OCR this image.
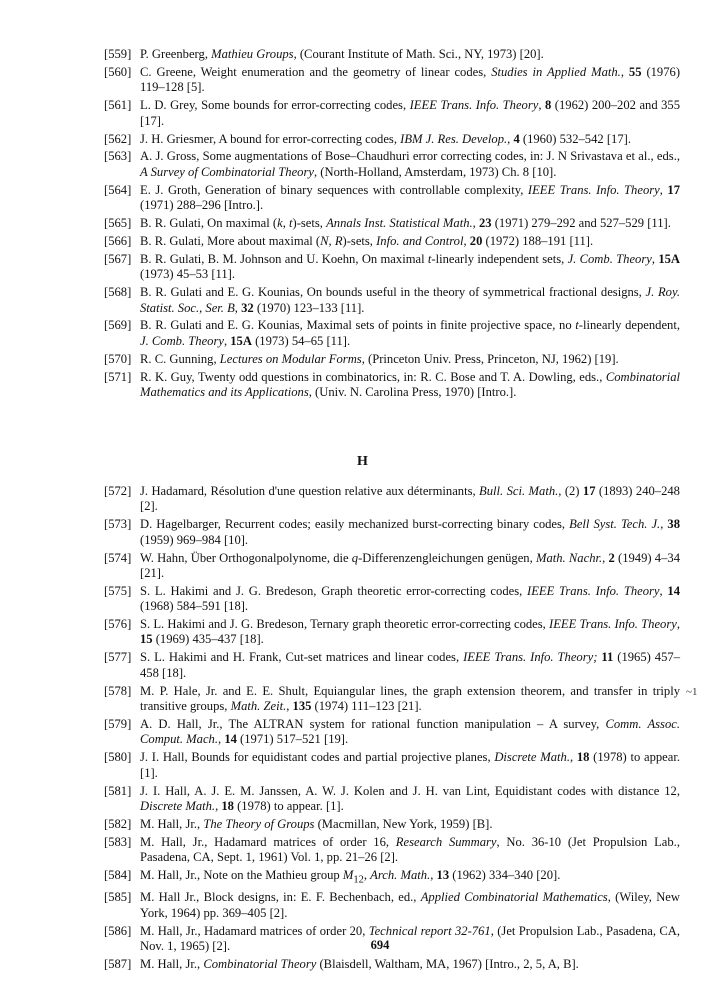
[559] P. Greenberg, Mathieu Groups, (Courant Institute of Math. Sci., NY, 1973) [20].
[560] C. Greene, Weight enumeration and the geometry of linear codes, Studies in Applied Math., 55 (1976) 119–128 [5].
[561] L. D. Grey, Some bounds for error-correcting codes, IEEE Trans. Info. Theory, 8 (1962) 200–202 and 355 [17].
[562] J. H. Griesmer, A bound for error-correcting codes, IBM J. Res. Develop., 4 (1960) 532–542 [17].
[563] A. J. Gross, Some augmentations of Bose–Chaudhuri error correcting codes, in: J. N Srivastava et al., eds., A Survey of Combinatorial Theory, (North-Holland, Amsterdam, 1973) Ch. 8 [10].
[564] E. J. Groth, Generation of binary sequences with controllable complexity, IEEE Trans. Info. Theory, 17 (1971) 288–296 [Intro.].
[565] B. R. Gulati, On maximal (k, t)-sets, Annals Inst. Statistical Math., 23 (1971) 279–292 and 527–529 [11].
[566] B. R. Gulati, More about maximal (N, R)-sets, Info. and Control, 20 (1972) 188–191 [11].
[567] B. R. Gulati, B. M. Johnson and U. Koehn, On maximal t-linearly independent sets, J. Comb. Theory, 15A (1973) 45–53 [11].
[568] B. R. Gulati and E. G. Kounias, On bounds useful in the theory of symmetrical fractional designs, J. Roy. Statist. Soc., Ser. B, 32 (1970) 123–133 [11].
[569] B. R. Gulati and E. G. Kounias, Maximal sets of points in finite projective space, no t-linearly dependent, J. Comb. Theory, 15A (1973) 54–65 [11].
[570] R. C. Gunning, Lectures on Modular Forms, (Princeton Univ. Press, Princeton, NJ, 1962) [19].
[571] R. K. Guy, Twenty odd questions in combinatorics, in: R. C. Bose and T. A. Dowling, eds., Combinatorial Mathematics and its Applications, (Univ. N. Carolina Press, 1970) [Intro.].
H
[572] J. Hadamard, Résolution d'une question relative aux déterminants, Bull. Sci. Math., (2) 17 (1893) 240–248 [2].
[573] D. Hagelbarger, Recurrent codes; easily mechanized burst-correcting binary codes, Bell Syst. Tech. J., 38 (1959) 969–984 [10].
[574] W. Hahn, Über Orthogonalpolynome, die q-Differenzengleichungen genügen, Math. Nachr., 2 (1949) 4–34 [21].
[575] S. L. Hakimi and J. G. Bredeson, Graph theoretic error-correcting codes, IEEE Trans. Info. Theory, 14 (1968) 584–591 [18].
[576] S. L. Hakimi and J. G. Bredeson, Ternary graph theoretic error-correcting codes, IEEE Trans. Info. Theory, 15 (1969) 435–437 [18].
[577] S. L. Hakimi and H. Frank, Cut-set matrices and linear codes, IEEE Trans. Info. Theory; 11 (1965) 457–458 [18].
[578] M. P. Hale, Jr. and E. E. Shult, Equiangular lines, the graph extension theorem, and transfer in triply transitive groups, Math. Zeit., 135 (1974) 111–123 [21].
[579] A. D. Hall, Jr., The ALTRAN system for rational function manipulation – A survey, Comm. Assoc. Comput. Mach., 14 (1971) 517–521 [19].
[580] J. I. Hall, Bounds for equidistant codes and partial projective planes, Discrete Math., 18 (1978) to appear. [1].
[581] J. I. Hall, A. J. E. M. Janssen, A. W. J. Kolen and J. H. van Lint, Equidistant codes with distance 12, Discrete Math., 18 (1978) to appear. [1].
[582] M. Hall, Jr., The Theory of Groups (Macmillan, New York, 1959) [B].
[583] M. Hall, Jr., Hadamard matrices of order 16, Research Summary, No. 36-10 (Jet Propulsion Lab., Pasadena, CA, Sept. 1, 1961) Vol. 1, pp. 21–26 [2].
[584] M. Hall, Jr., Note on the Mathieu group $M_{12}$, Arch. Math., 13 (1962) 334–340 [20].
[585] M. Hall Jr., Block designs, in: E. F. Bechenbach, ed., Applied Combinatorial Mathematics, (Wiley, New York, 1964) pp. 369–405 [2].
[586] M. Hall, Jr., Hadamard matrices of order 20, Technical report 32-761, (Jet Propulsion Lab., Pasadena, CA, Nov. 1, 1965) [2].
[587] M. Hall, Jr., Combinatorial Theory (Blaisdell, Waltham, MA, 1967) [Intro., 2, 5, A, B].
~1
694
